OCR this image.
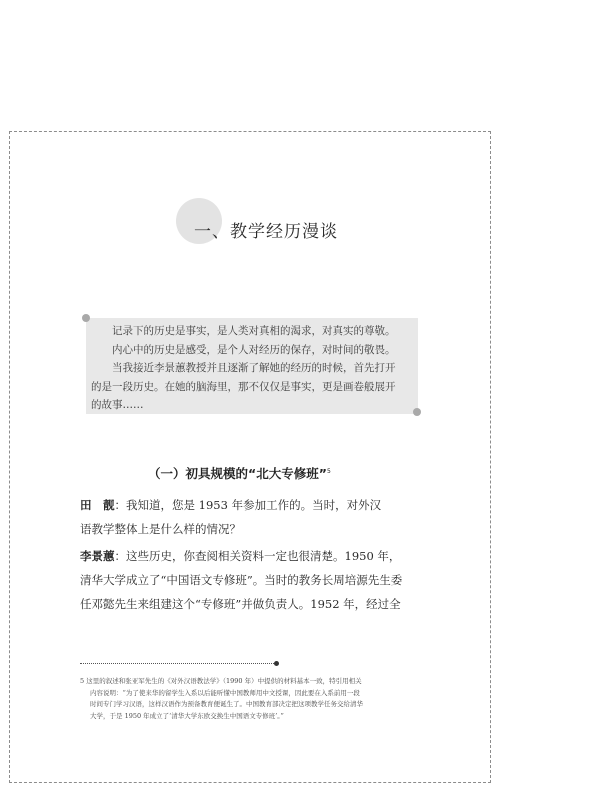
一、教学经历漫谈

记录下的历史是事实，是人类对真相的渴求，对真实的尊敬。

内心中的历史是感受，是个人对经历的保存，对时间的敬畏。

当我接近李景蕙教授并且逐渐了解她的经历的时候，首先打开

的是一段历史。在她的脑海里，那不仅仅是事实，更是画卷般展开

的故事……

（一）初具规模的“北大专修班”$^5$

田　靓：我知道，您是 1953 年参加工作的。当时，对外汉

语教学整体上是什么样的情况？

李景蕙：这些历史，你查阅相关资料一定也很清楚。1950 年，

清华大学成立了“中国语文专修班”。当时的教务长周培源先生委

任邓懿先生来组建这个“专修班”并做负责人。1952 年，经过全

5 这里的叙述和张亚军先生的《对外汉语教法学》（1990 年）中提供的材料基本一致，特引用相关

内容说明：“为了使来华的留学生入系以后能听懂中国教师用中文授课，因此要在入系前用一段

时间专门学习汉语，这样汉语作为预备教育便诞生了。中国教育部决定把这项教学任务交给清华

大学，于是 1950 年成立了‘清华大学东欧交换生中国语文专修班’。”
